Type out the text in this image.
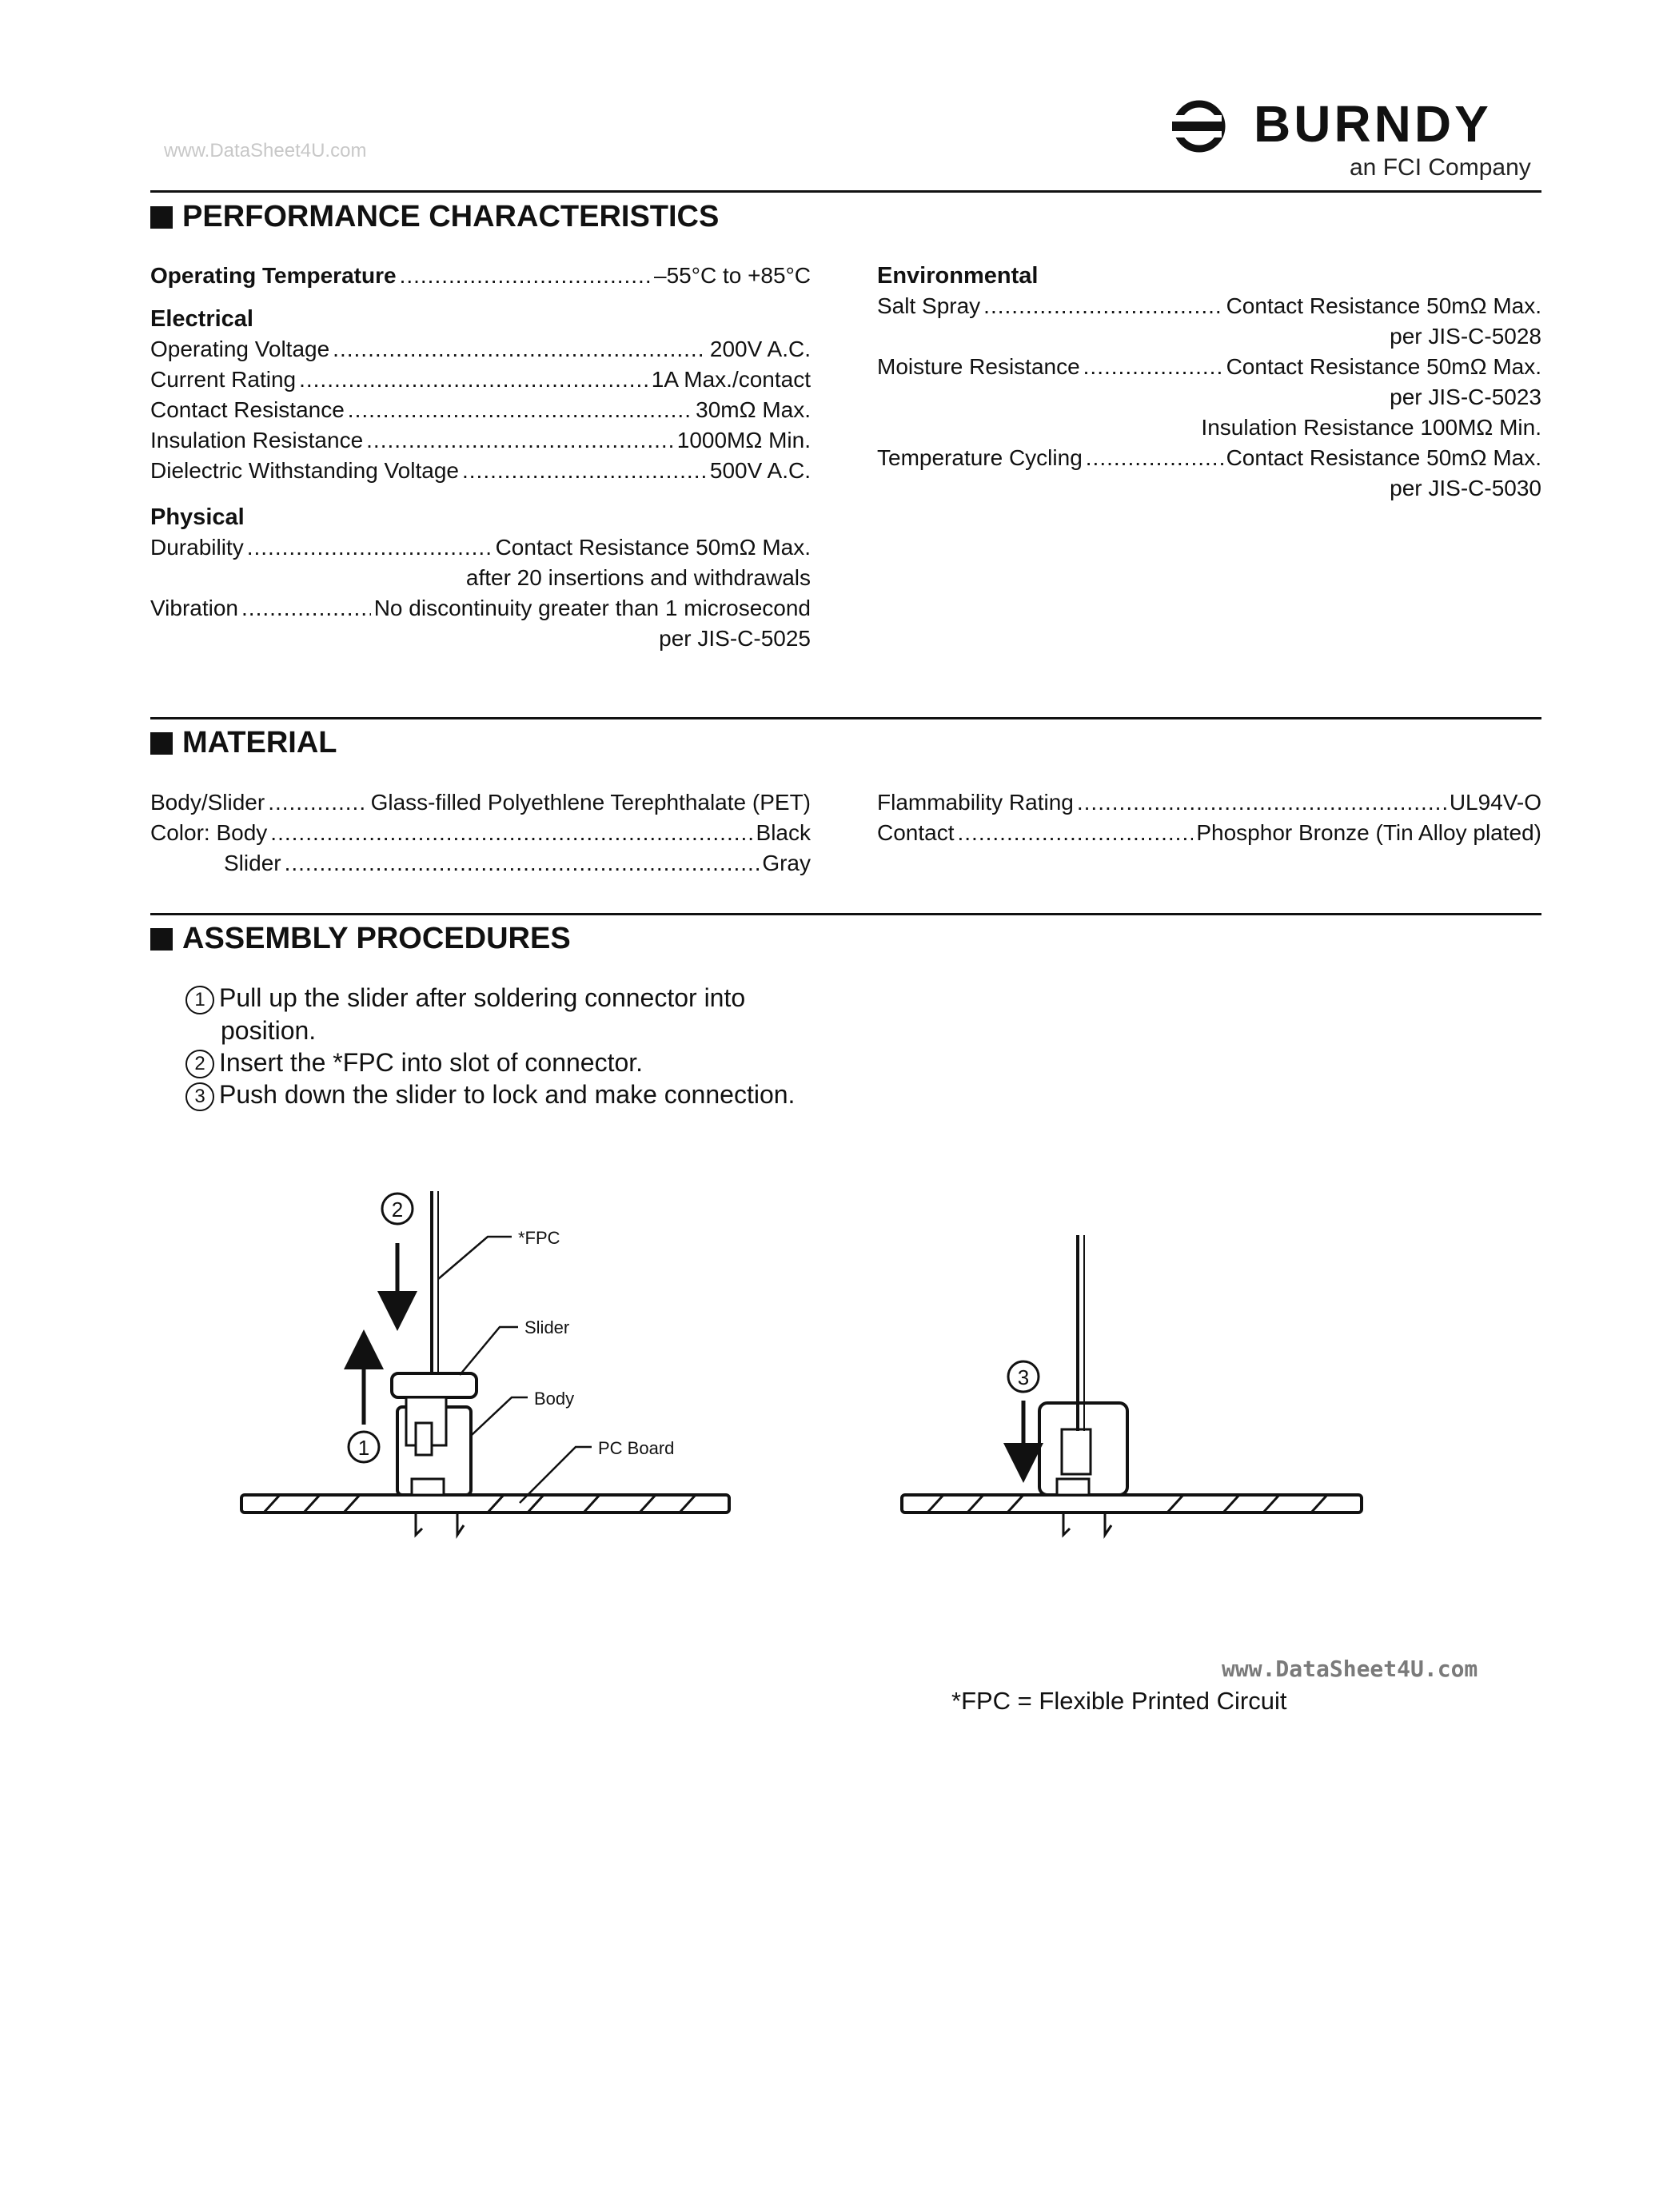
www.DataSheet4U.com	BURNDY
an FCI Company
PERFORMANCE CHARACTERISTICS
Operating Temperature .....	–55°C to +85°C
Electrical
Operating Voltage .....	200V A.C.
Current Rating .....	1A Max./contact
Contact Resistance .....	30mΩ Max.
Insulation Resistance .....	1000MΩ Min.
Dielectric Withstanding Voltage .....	500V A.C.
Physical
Durability .....	Contact Resistance 50mΩ Max.
after 20 insertions and withdrawals
Vibration .....	No discontinuity greater than 1 microsecond
per JIS-C-5025
Environmental
Salt Spray .....	Contact Resistance 50mΩ Max.
per JIS-C-5028
Moisture Resistance .....	Contact Resistance 50mΩ Max.
per JIS-C-5023
Insulation Resistance 100MΩ Min.
Temperature Cycling .....	Contact Resistance 50mΩ Max.
per JIS-C-5030
MATERIAL
Body/Slider .....	Glass-filled Polyethlene Terephthalate (PET)
Color: Body .....	Black
Slider .....	Gray
Flammability Rating .....	UL94V-O
Contact .....	Phosphor Bronze (Tin Alloy plated)
ASSEMBLY PROCEDURES
1 Pull up the slider after soldering connector into
position.
2 Insert the *FPC into slot of connector.
3 Push down the slider to lock and make connection.
2
1
*FPC
Slider
Body
PC Board
3
www.DataSheet4U.com
*FPC = Flexible Printed Circuit
